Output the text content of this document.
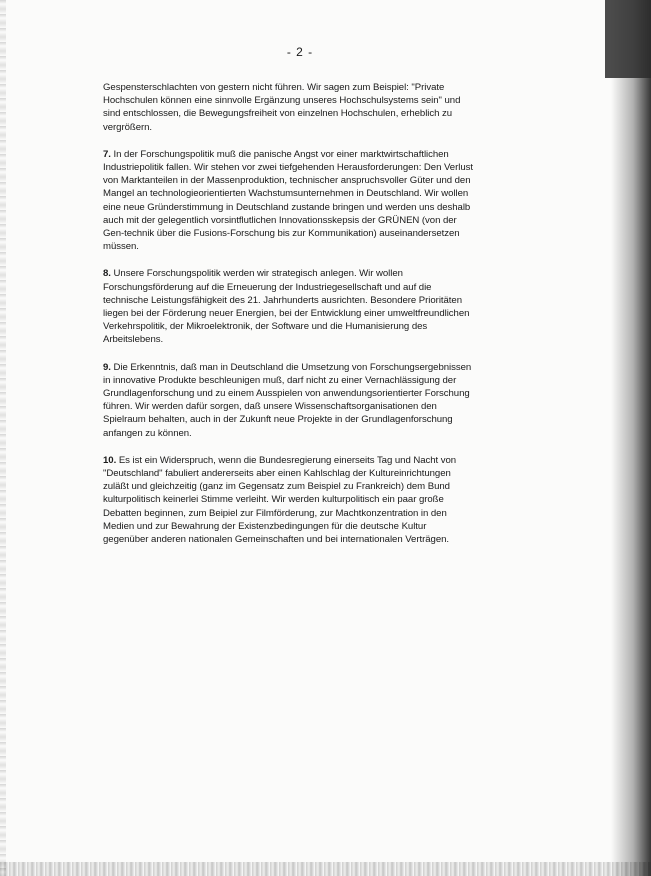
- 2 -

Gespensterschlachten von gestern nicht führen. Wir sagen zum Beispiel: "Private
Hochschulen können eine sinnvolle Ergänzung unseres Hochschulsystems sein" und
sind entschlossen, die Bewegungsfreiheit von einzelnen Hochschulen, erheblich zu
vergrößern.

7. In der Forschungspolitik muß die panische Angst vor einer marktwirtschaftlichen
Industriepolitik fallen. Wir stehen vor zwei tiefgehenden Herausforderungen: Den Verlust
von Marktanteilen in der Massenproduktion, technischer anspruchsvoller Güter und den
Mangel an technologieorientierten Wachstumsunternehmen in Deutschland. Wir wollen
eine neue Gründerstimmung in Deutschland zustande bringen und werden uns deshalb
auch mit der gelegentlich vorsintflutlichen Innovationsskepsis der GRÜNEN (von der
Gen-technik über die Fusions-Forschung bis zur Kommunikation) auseinandersetzen
müssen.

8. Unsere Forschungspolitik werden wir strategisch anlegen. Wir wollen
Forschungsförderung auf die Erneuerung der Industriegesellschaft und auf die
technische Leistungsfähigkeit des 21. Jahrhunderts ausrichten. Besondere Prioritäten
liegen bei der Förderung neuer Energien, bei der Entwicklung einer umweltfreundlichen
Verkehrspolitik, der Mikroelektronik, der Software und die Humanisierung des
Arbeitslebens.

9. Die Erkenntnis, daß man in Deutschland die Umsetzung von Forschungsergebnissen
in innovative Produkte beschleunigen muß, darf nicht zu einer Vernachlässigung der
Grundlagenforschung und zu einem Ausspielen von anwendungsorientierter Forschung
führen. Wir werden dafür sorgen, daß unsere Wissenschaftsorganisationen den
Spielraum behalten, auch in der Zukunft neue Projekte in der Grundlagenforschung
anfangen zu können.

10. Es ist ein Widerspruch, wenn die Bundesregierung einerseits Tag und Nacht von
"Deutschland" fabuliert andererseits aber einen Kahlschlag der Kultureinrichtungen
zuläßt und gleichzeitig (ganz im Gegensatz zum Beispiel zu Frankreich) dem Bund
kulturpolitisch keinerlei Stimme verleiht. Wir werden kulturpolitisch ein paar große
Debatten beginnen, zum Beipiel zur Filmförderung, zur Machtkonzentration in den
Medien und zur Bewahrung der Existenzbedingungen für die deutsche Kultur
gegenüber anderen nationalen Gemeinschaften und bei internationalen Verträgen.
